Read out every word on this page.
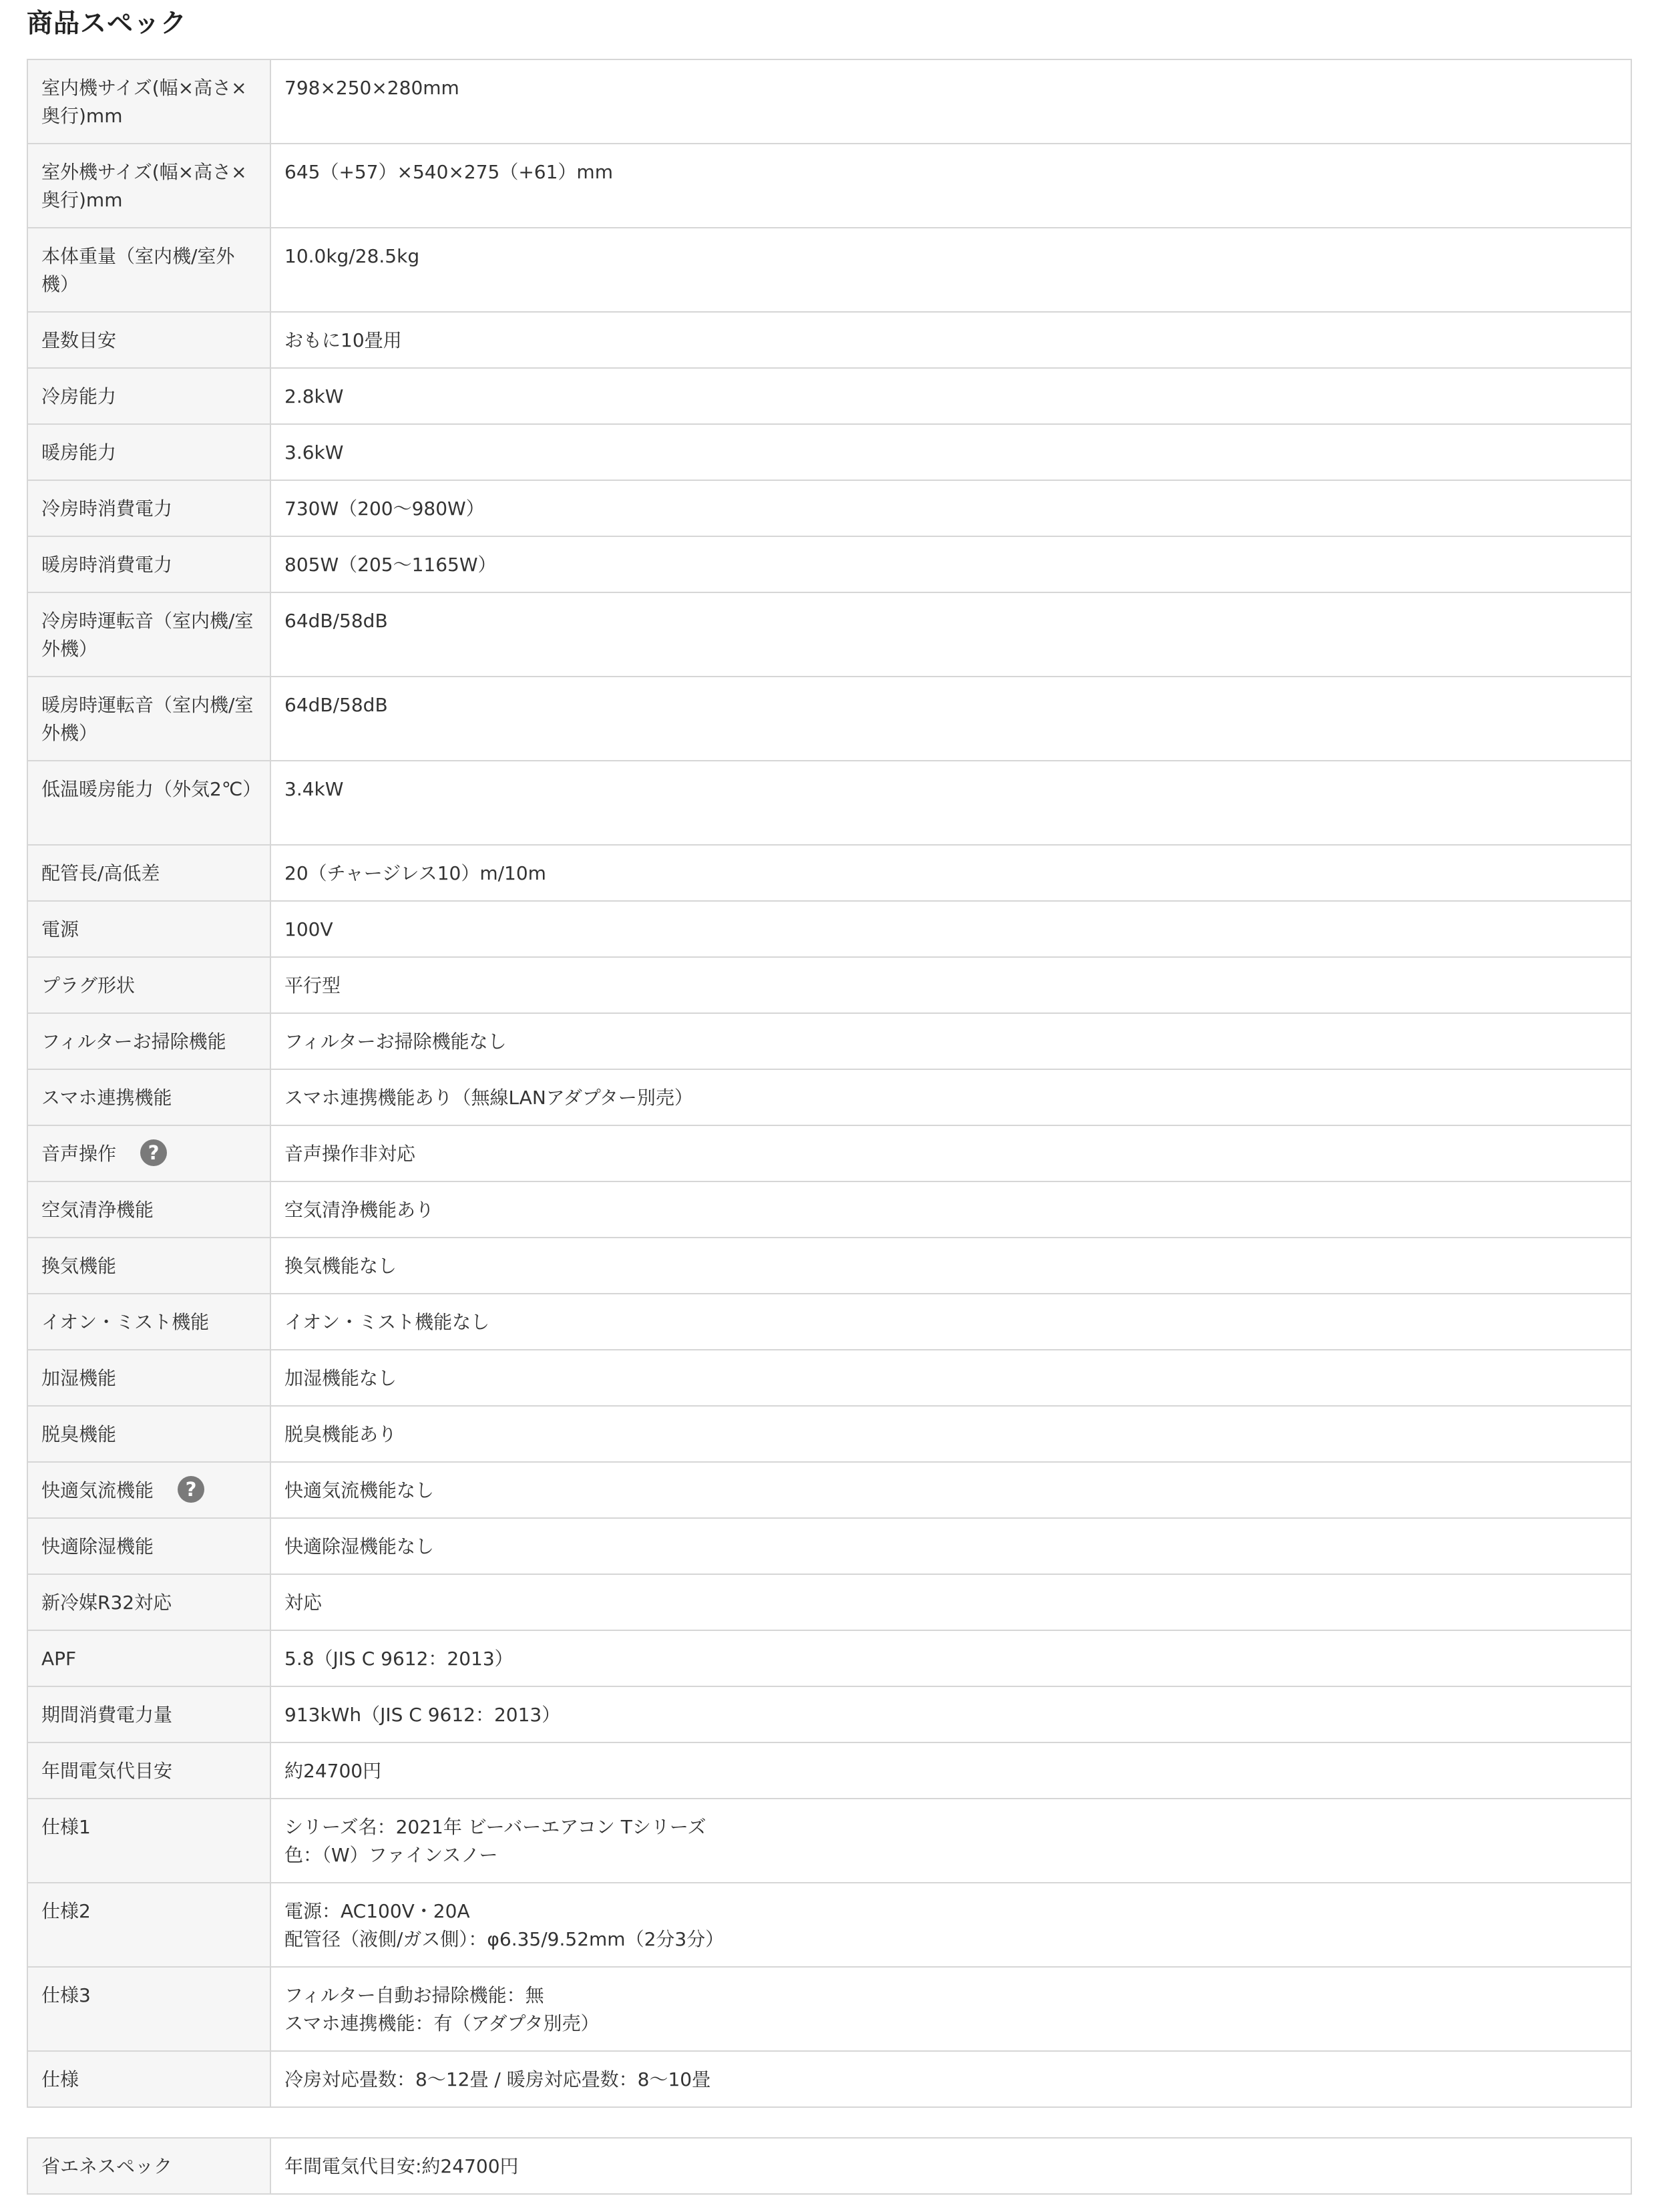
商品スペック
室内機サイズ(幅×高さ×奥行)mm	798×250×280mm
室外機サイズ(幅×高さ×奥行)mm	645（+57）×540×275（+61）mm
本体重量（室内機/室外機）	10.0kg/28.5kg
畳数目安	おもに10畳用
冷房能力	2.8kW
暖房能力	3.6kW
冷房時消費電力	730W（200〜980W）
暖房時消費電力	805W（205〜1165W）
冷房時運転音（室内機/室外機）	64dB/58dB
暖房時運転音（室内機/室外機）	64dB/58dB
低温暖房能力（外気2℃）	3.4kW
配管長/高低差	20（チャージレス10）m/10m
電源	100V
プラグ形状	平行型
フィルターお掃除機能	フィルターお掃除機能なし
スマホ連携機能	スマホ連携機能あり（無線LANアダプター別売）
音声操作 ?	音声操作非対応
空気清浄機能	空気清浄機能あり
換気機能	換気機能なし
イオン・ミスト機能	イオン・ミスト機能なし
加湿機能	加湿機能なし
脱臭機能	脱臭機能あり
快適気流機能 ?	快適気流機能なし
快適除湿機能	快適除湿機能なし
新冷媒R32対応	対応
APF	5.8（JIS C 9612：2013）
期間消費電力量	913kWh（JIS C 9612：2013）
年間電気代目安	約24700円
仕様1	シリーズ名：2021年 ビーバーエアコン Tシリーズ
色：（W）ファインスノー

仕様2	電源：AC100V・20A
配管径（液側/ガス側）：φ6.35/9.52mm（2分3分）

仕様3	フィルター自動お掃除機能：無
スマホ連携機能：有（アダプタ別売）

仕様	冷房対応畳数：8〜12畳 / 暖房対応畳数：8〜10畳
省エネスペック	年間電気代目安:約24700円
